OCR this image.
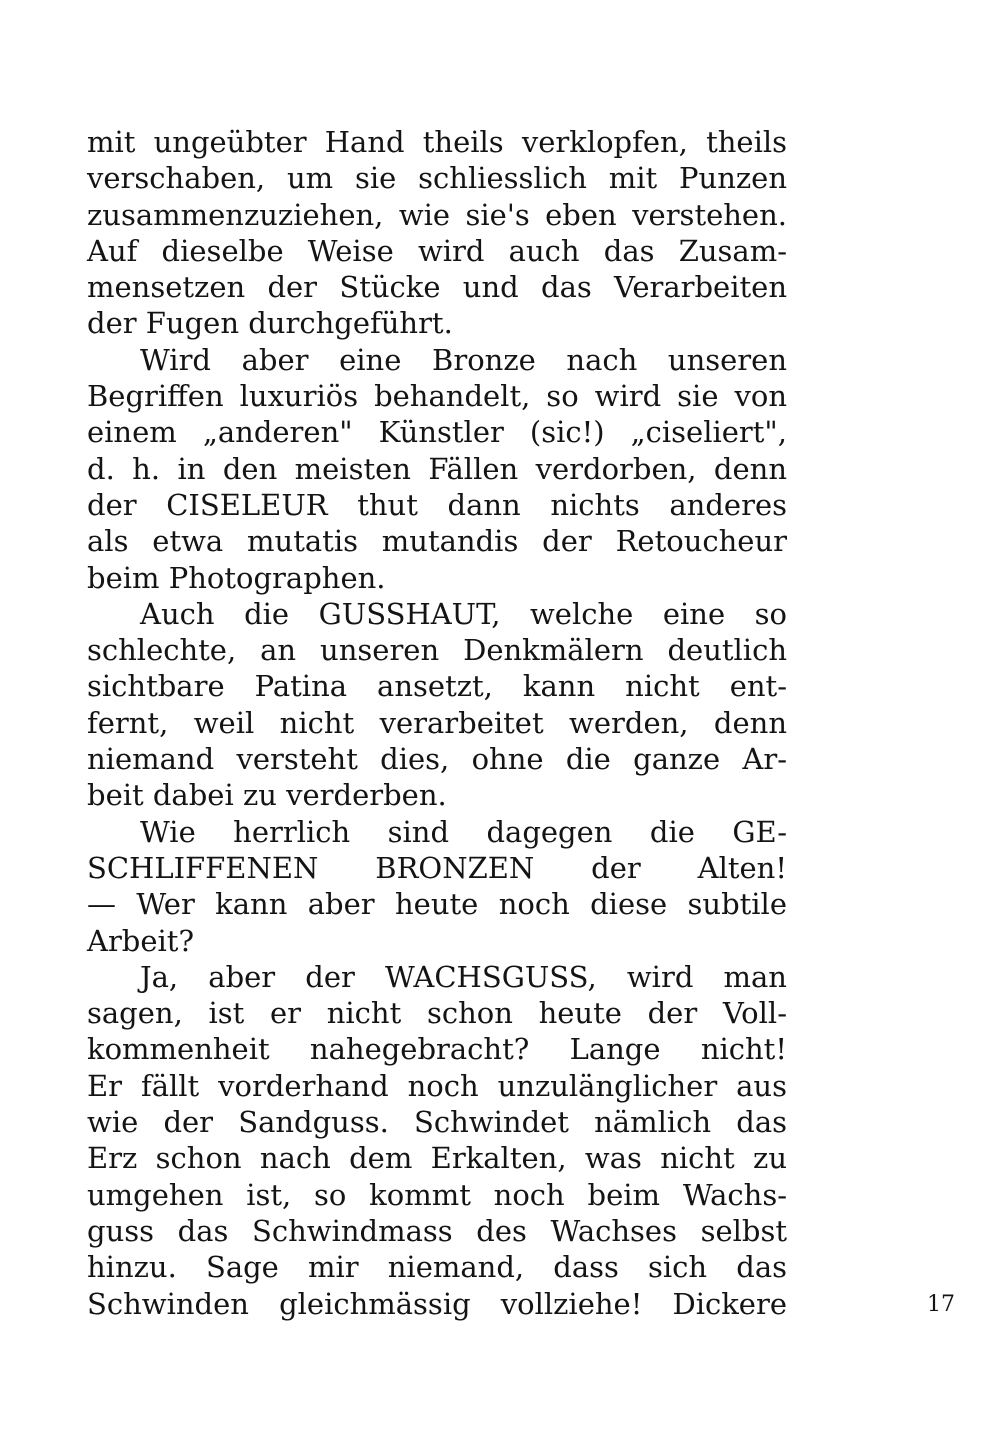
mit ungeübter Hand theils verklopfen, theils
verschaben, um sie schliesslich mit Punzen
zusammenzuziehen, wie sie's eben verstehen.
Auf dieselbe Weise wird auch das Zusam-
mensetzen der Stücke und das Verarbeiten
der Fugen durchgeführt.
Wird aber eine Bronze nach unseren
Begriffen luxuriös behandelt, so wird sie von
einem „anderen" Künstler (sic!) „ciseliert",
d. h. in den meisten Fällen verdorben, denn
der CISELEUR thut dann nichts anderes
als etwa mutatis mutandis der Retoucheur
beim Photographen.
Auch die GUSSHAUT, welche eine so
schlechte, an unseren Denkmälern deutlich
sichtbare Patina ansetzt, kann nicht ent-
fernt, weil nicht verarbeitet werden, denn
niemand versteht dies, ohne die ganze Ar-
beit dabei zu verderben.
Wie herrlich sind dagegen die GE-
SCHLIFFENEN BRONZEN der Alten!
— Wer kann aber heute noch diese subtile
Arbeit?
Ja, aber der WACHSGUSS, wird man
sagen, ist er nicht schon heute der Voll-
kommenheit nahegebracht? Lange nicht!
Er fällt vorderhand noch unzulänglicher aus
wie der Sandguss. Schwindet nämlich das
Erz schon nach dem Erkalten, was nicht zu
umgehen ist, so kommt noch beim Wachs-
guss das Schwindmass des Wachses selbst
hinzu. Sage mir niemand, dass sich das
Schwinden gleichmässig vollziehe! Dickere	17
